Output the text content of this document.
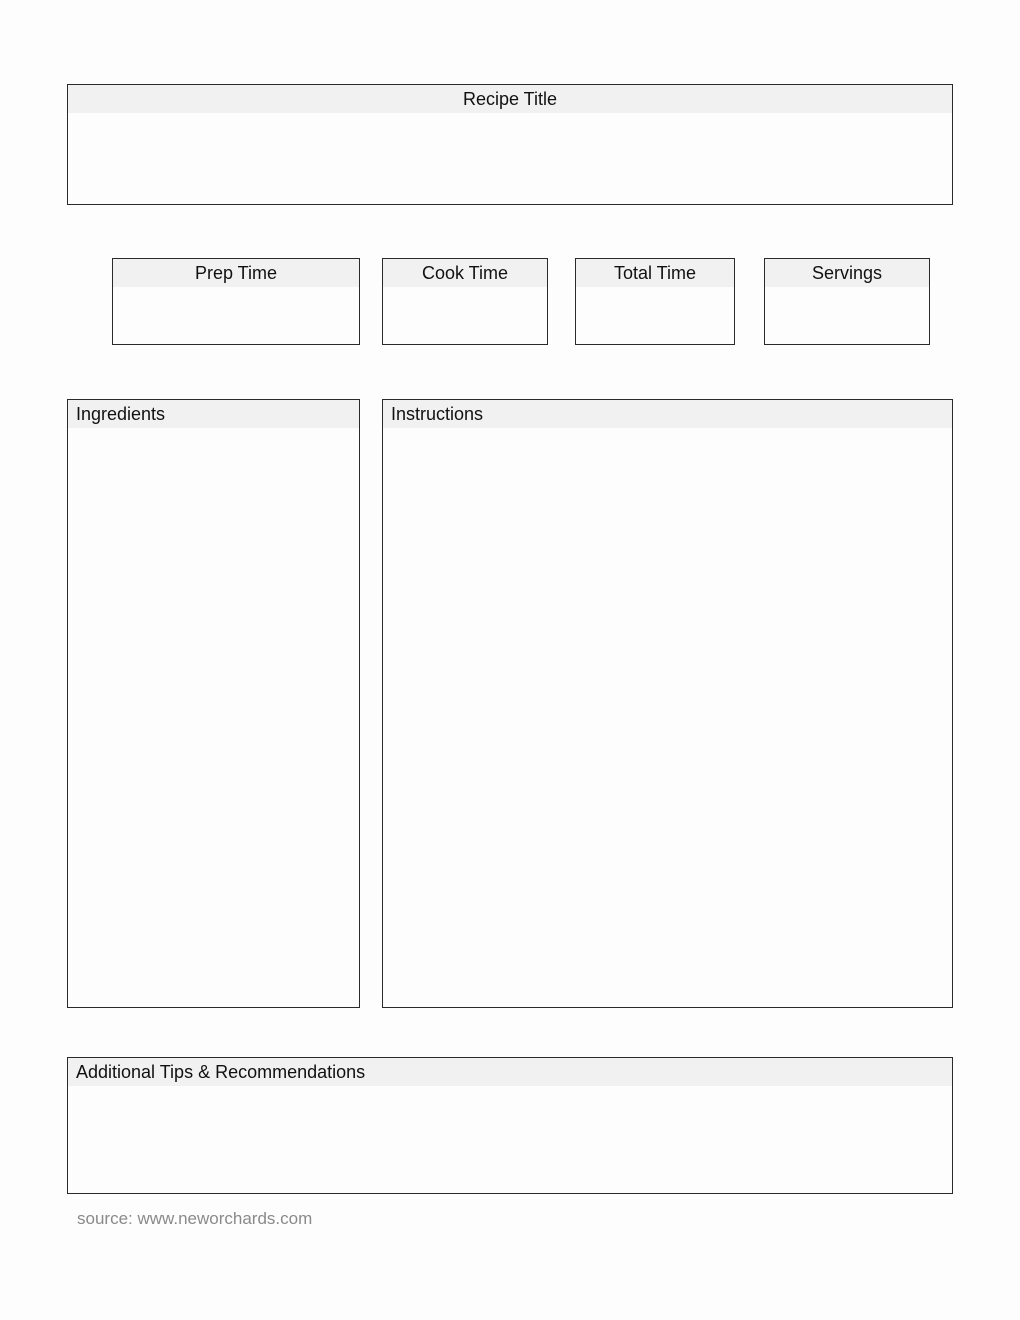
Recipe Title
Prep Time	Cook Time	Total Time	Servings
Ingredients	Instructions
Additional Tips & Recommendations
source: www.neworchards.com
